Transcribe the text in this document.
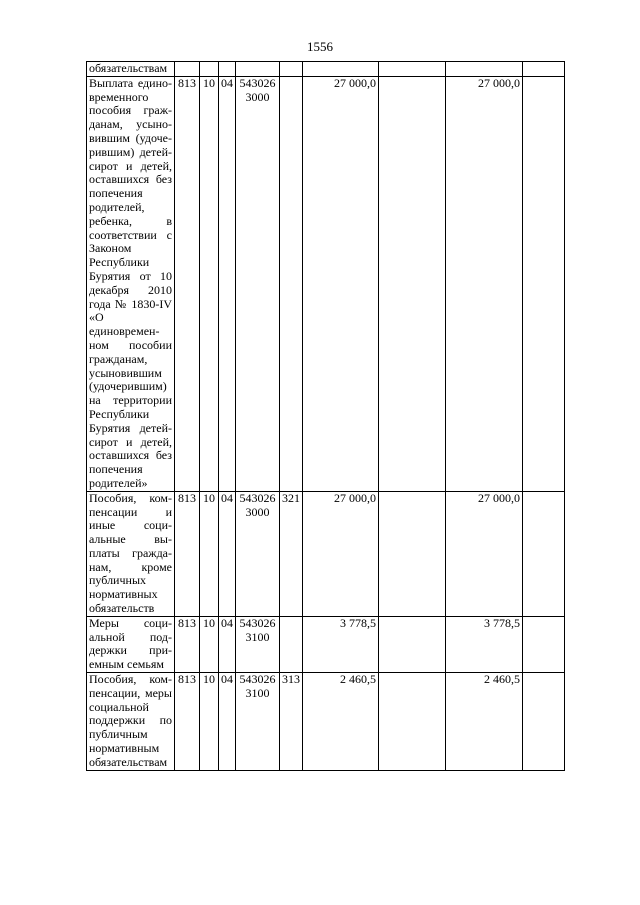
1556
обязательствам									
Выплата единовременного пособия гражданам, усыновившим (удочерившим) детей-сирот и детей, оставшихся без попечения родителей, ребенка, в соответствии с Законом Республики Бурятия от 10 декабря 2010 года № 1830-IV «О единовременном пособии гражданам, усыновившим (удочерившим) на территории Республики Бурятия детей-сирот и детей, оставшихся без попечения родителей»	813	10	04	543026 3000		27 000,0		27 000,0	
Пособия, компенсации и иные социальные выплаты гражданам, кроме публичных нормативных обязательств	813	10	04	543026 3000	321	27 000,0		27 000,0	
Меры социальной поддержки приемным семьям	813	10	04	543026 3100		3 778,5		3 778,5	
Пособия, компенсации, меры социальной поддержки по публичным нормативным обязательствам	813	10	04	543026 3100	313	2 460,5		2 460,5	
